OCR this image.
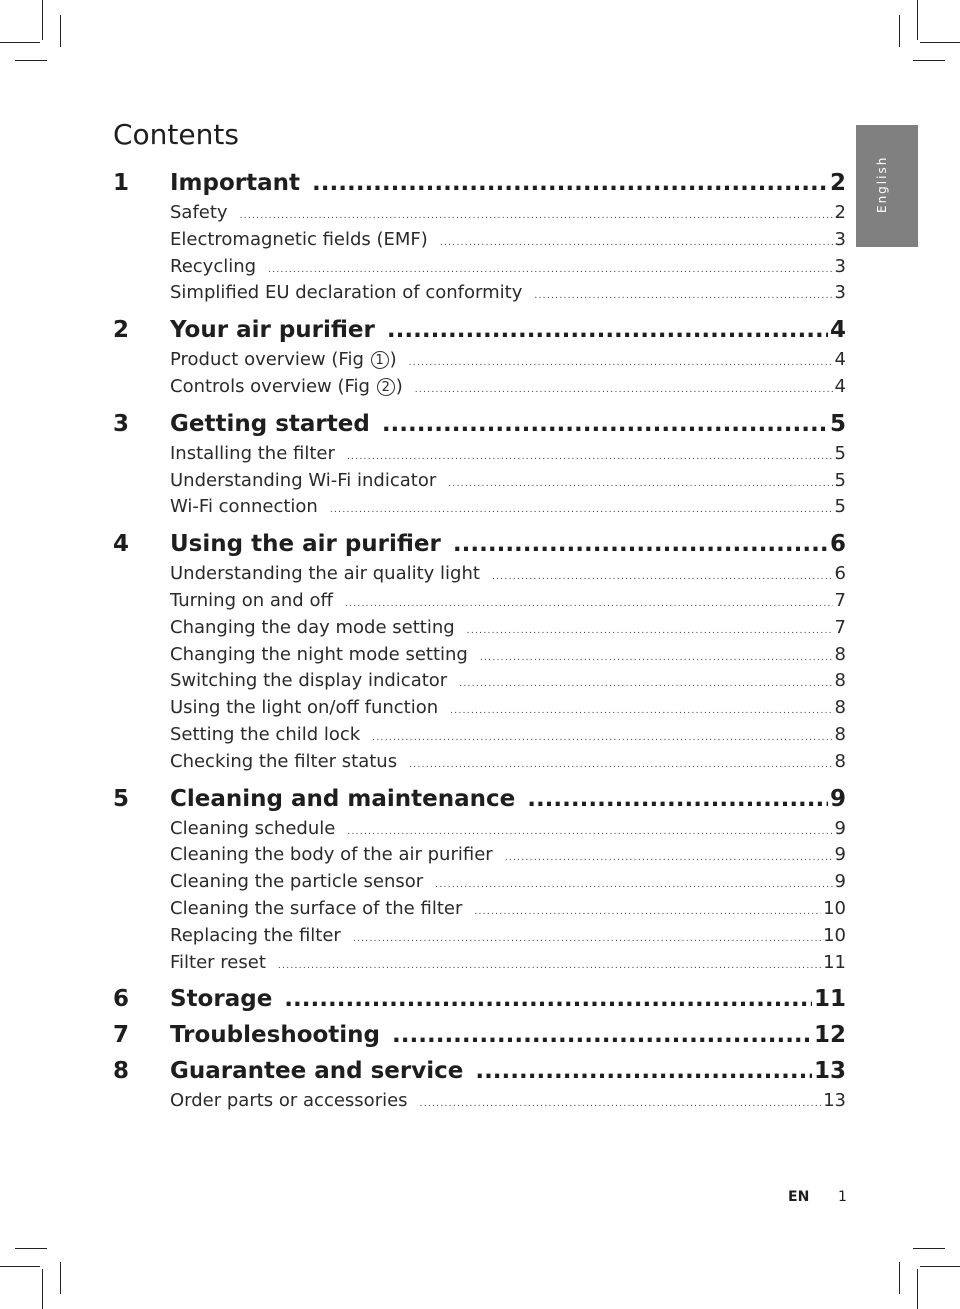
Contents
English
1	Important .....	2
Safety .....	2
Electromagnetic fields (EMF) .....	3
Recycling .....	3
Simplified EU declaration of conformity .....	3
2	Your air purifier .....	4
Product overview (Fig 1 ) .....	4
Controls overview (Fig 2 ) .....	4
3	Getting started .....	5
Installing the filter .....	5
Understanding Wi-Fi indicator .....	5
Wi-Fi connection .....	5
4	Using the air purifier .....	6
Understanding the air quality light .....	6
Turning on and off .....	7
Changing the day mode setting .....	7
Changing the night mode setting .....	8
Switching the display indicator .....	8
Using the light on/off function .....	8
Setting the child lock .....	8
Checking the filter status .....	8
5	Cleaning and maintenance .....	9
Cleaning schedule .....	9
Cleaning the body of the air purifier .....	9
Cleaning the particle sensor .....	9
Cleaning the surface of the filter .....	10
Replacing the filter .....	10
Filter reset .....	11
6	Storage .....	11
7	Troubleshooting .....	12
8	Guarantee and service .....	13
Order parts or accessories .....	13
EN 1
